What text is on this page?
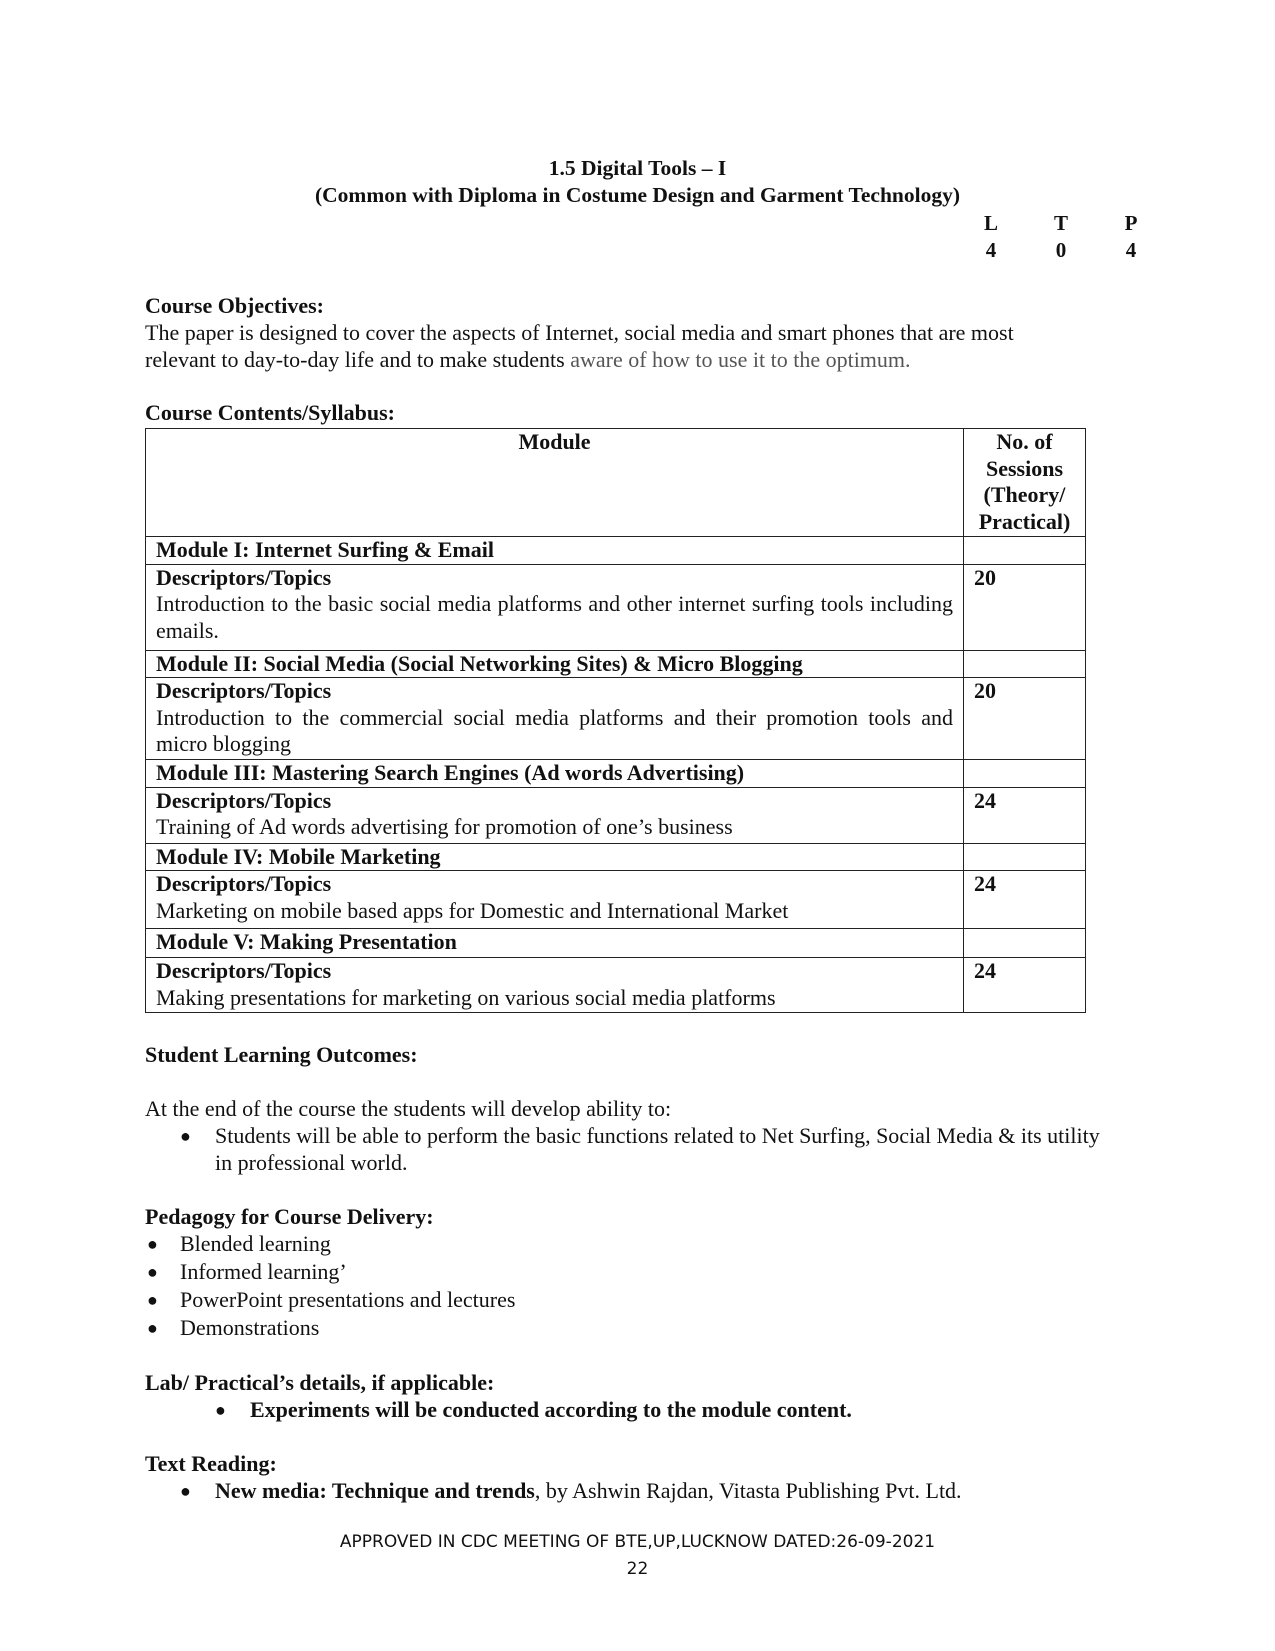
1.5 Digital Tools – I
(Common with Diploma in Costume Design and Garment Technology)
L	T	P
4	0	4
Course Objectives:
The paper is designed to cover the aspects of Internet, social media and smart phones that are most
relevant to day-to-day life and to make students aware of how to use it to the optimum.
Course Contents/Syllabus:
Module	No. of
Sessions
(Theory/
Practical)

Module I: Internet Surfing & Email	

Descriptors/Topics
Introduction to the basic social media platforms and other internet surfing tools including emails.	20
Module II: Social Media (Social Networking Sites) & Micro Blogging	

Descriptors/Topics
Introduction to the commercial social media platforms and their promotion tools and micro blogging	20
Module III: Mastering Search Engines (Ad words Advertising)	

Descriptors/Topics
Training of Ad words advertising for promotion of one’s business	24
Module IV: Mobile Marketing	

Descriptors/Topics
Marketing on mobile based apps for Domestic and International Market	24
Module V: Making Presentation	

Descriptors/Topics
Making presentations for marketing on various social media platforms	24
Student Learning Outcomes:
At the end of the course the students will develop ability to:
● Students will be able to perform the basic functions related to Net Surfing, Social Media & its utility
in professional world.
Pedagogy for Course Delivery:
● Blended learning
● Informed learning’
● PowerPoint presentations and lectures
● Demonstrations
Lab/ Practical’s details, if applicable:
● Experiments will be conducted according to the module content.
Text Reading:
● New media: Technique and trends, by Ashwin Rajdan, Vitasta Publishing Pvt. Ltd.
APPROVED IN CDC MEETING OF BTE,UP,LUCKNOW DATED:26-09-2021
22
